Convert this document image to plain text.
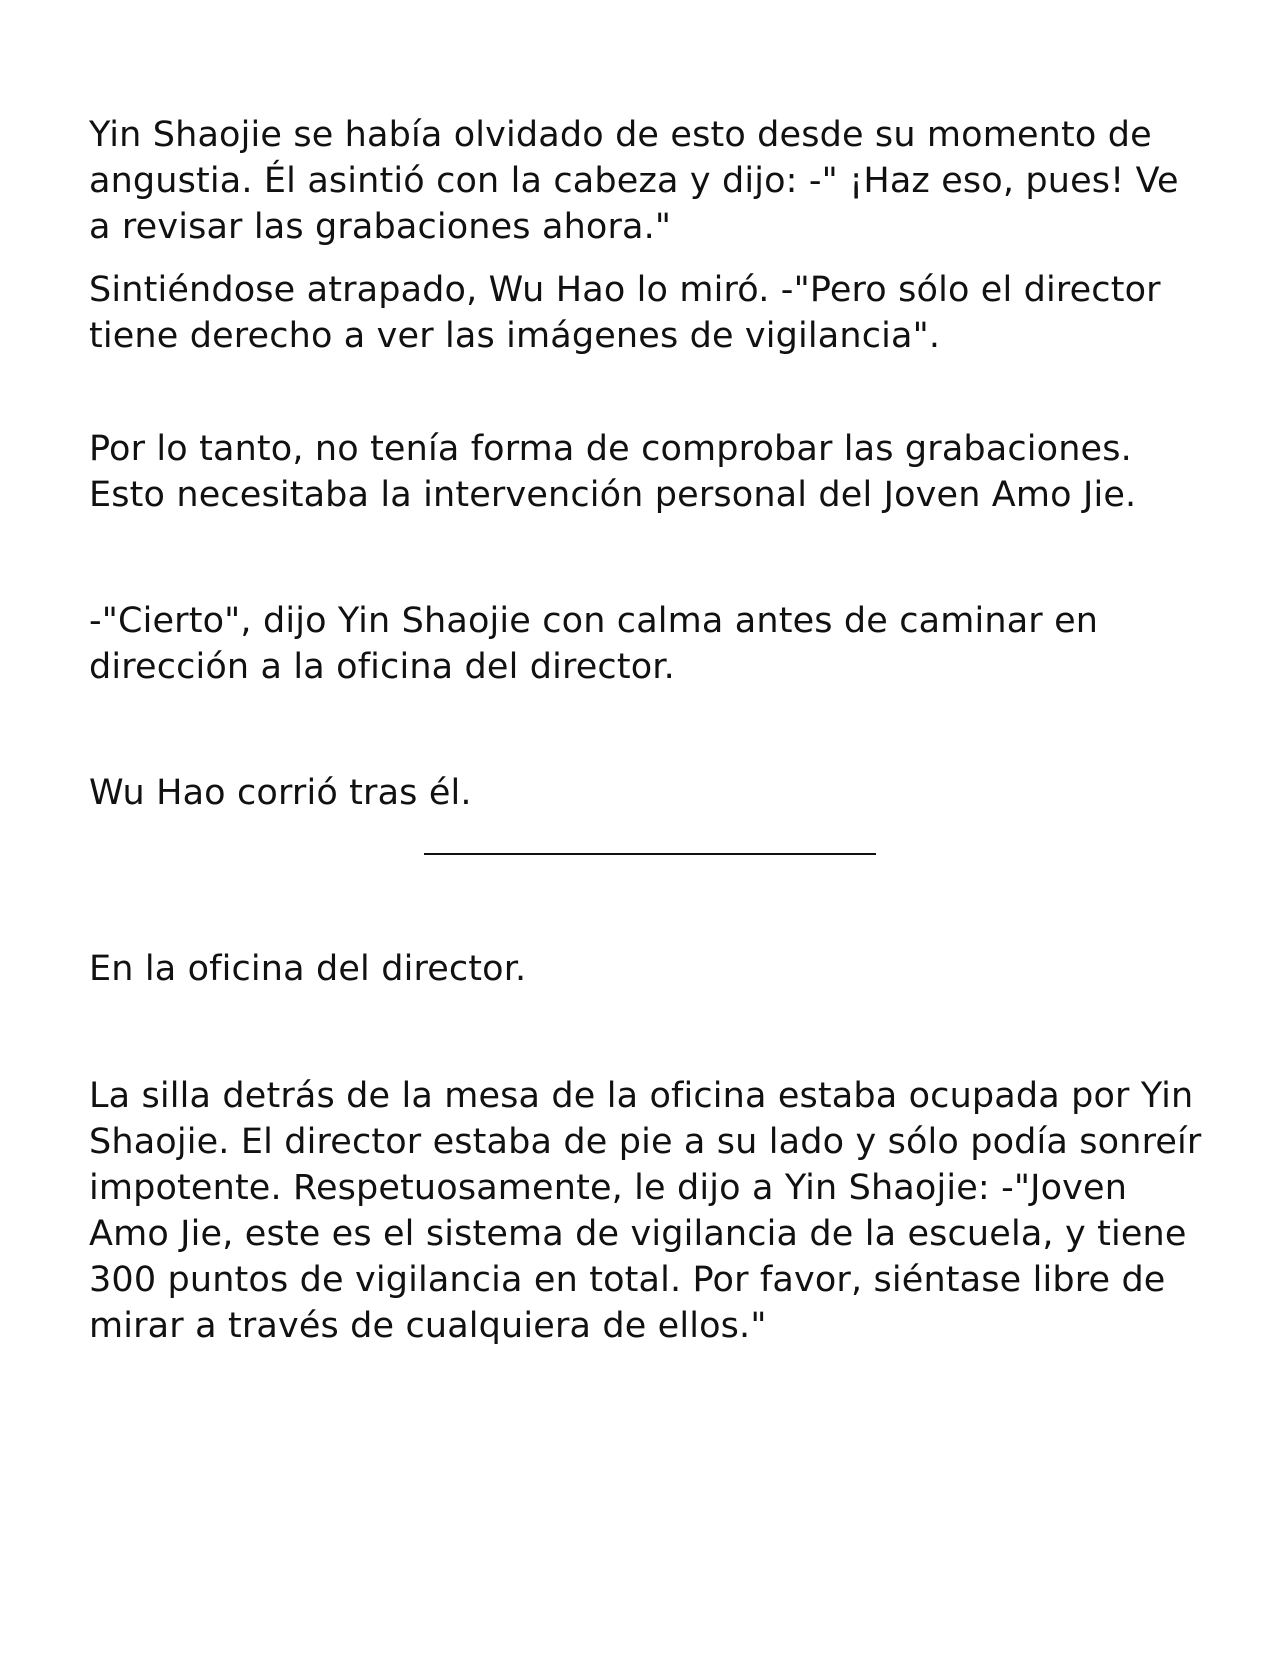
Yin Shaojie se había olvidado de esto desde su momento de angustia. Él asintió con la cabeza y dijo: -" ¡Haz eso, pues! Ve a revisar las grabaciones ahora."

Sintiéndose atrapado, Wu Hao lo miró. -"Pero sólo el director tiene derecho a ver las imágenes de vigilancia".

Por lo tanto, no tenía forma de comprobar las grabaciones. Esto necesitaba la intervención personal del Joven Amo Jie.

-"Cierto", dijo Yin Shaojie con calma antes de caminar en dirección a la oficina del director.

Wu Hao corrió tras él.

En la oficina del director.

La silla detrás de la mesa de la oficina estaba ocupada por Yin Shaojie. El director estaba de pie a su lado y sólo podía sonreír impotente. Respetuosamente, le dijo a Yin Shaojie: -"Joven Amo Jie, este es el sistema de vigilancia de la escuela, y tiene 300 puntos de vigilancia en total. Por favor, siéntase libre de mirar a través de cualquiera de ellos."
